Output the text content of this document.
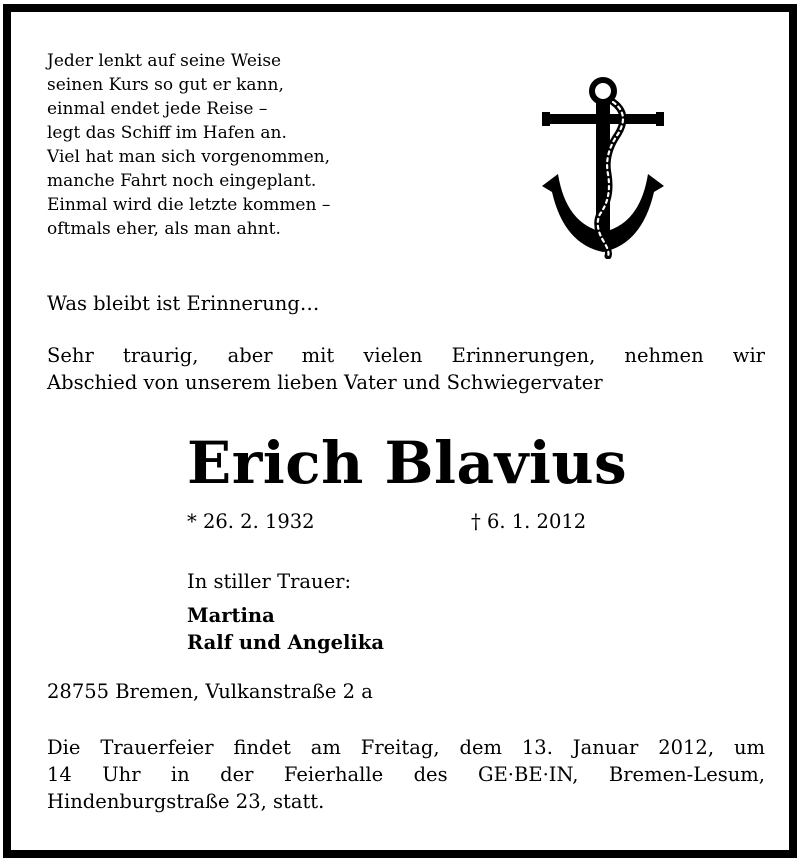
Jeder lenkt auf seine Weise
seinen Kurs so gut er kann,
einmal endet jede Reise –
legt das Schiff im Hafen an.
Viel hat man sich vorgenommen,
manche Fahrt noch eingeplant.
Einmal wird die letzte kommen –
oftmals eher, als man ahnt.
Was bleibt ist Erinnerung…
Sehr traurig, aber mit vielen Erinnerungen, nehmen wir
Abschied von unserem lieben Vater und Schwiegervater
Erich Blavius
* 26. 2. 1932	† 6. 1. 2012
In stiller Trauer:
Martina
Ralf und Angelika
28755 Bremen, Vulkanstraße 2 a
Die Trauerfeier findet am Freitag, dem 13. Januar 2012, um
14 Uhr in der Feierhalle des GE·BE·IN, Bremen-Lesum,
Hindenburgstraße 23, statt.
